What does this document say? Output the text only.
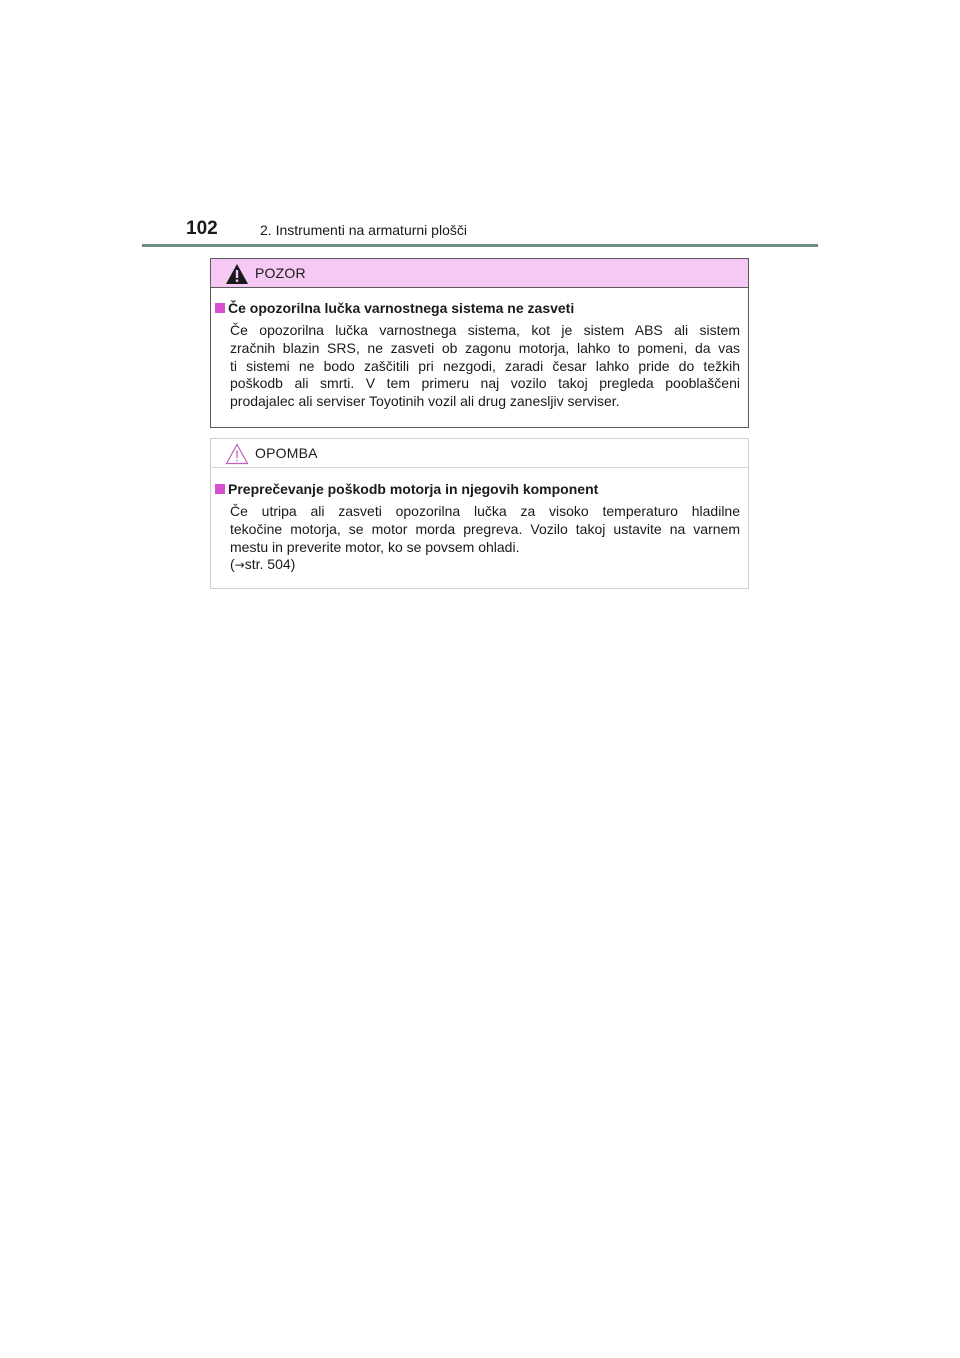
102	2. Instrumenti na armaturni plošči
POZOR
Če opozorilna lučka varnostnega sistema ne zasveti
Če opozorilna lučka varnostnega sistema, kot je sistem ABS ali sistem
zračnih blazin SRS, ne zasveti ob zagonu motorja, lahko to pomeni, da vas
ti sistemi ne bodo zaščitili pri nezgodi, zaradi česar lahko pride do težkih
poškodb ali smrti. V tem primeru naj vozilo takoj pregleda pooblaščeni
prodajalec ali serviser Toyotinih vozil ali drug zanesljiv serviser.
OPOMBA
Preprečevanje poškodb motorja in njegovih komponent
Če utripa ali zasveti opozorilna lučka za visoko temperaturo hladilne
tekočine motorja, se motor morda pregreva. Vozilo takoj ustavite na varnem
mestu in preverite motor, ko se povsem ohladi.
(→str. 504)
